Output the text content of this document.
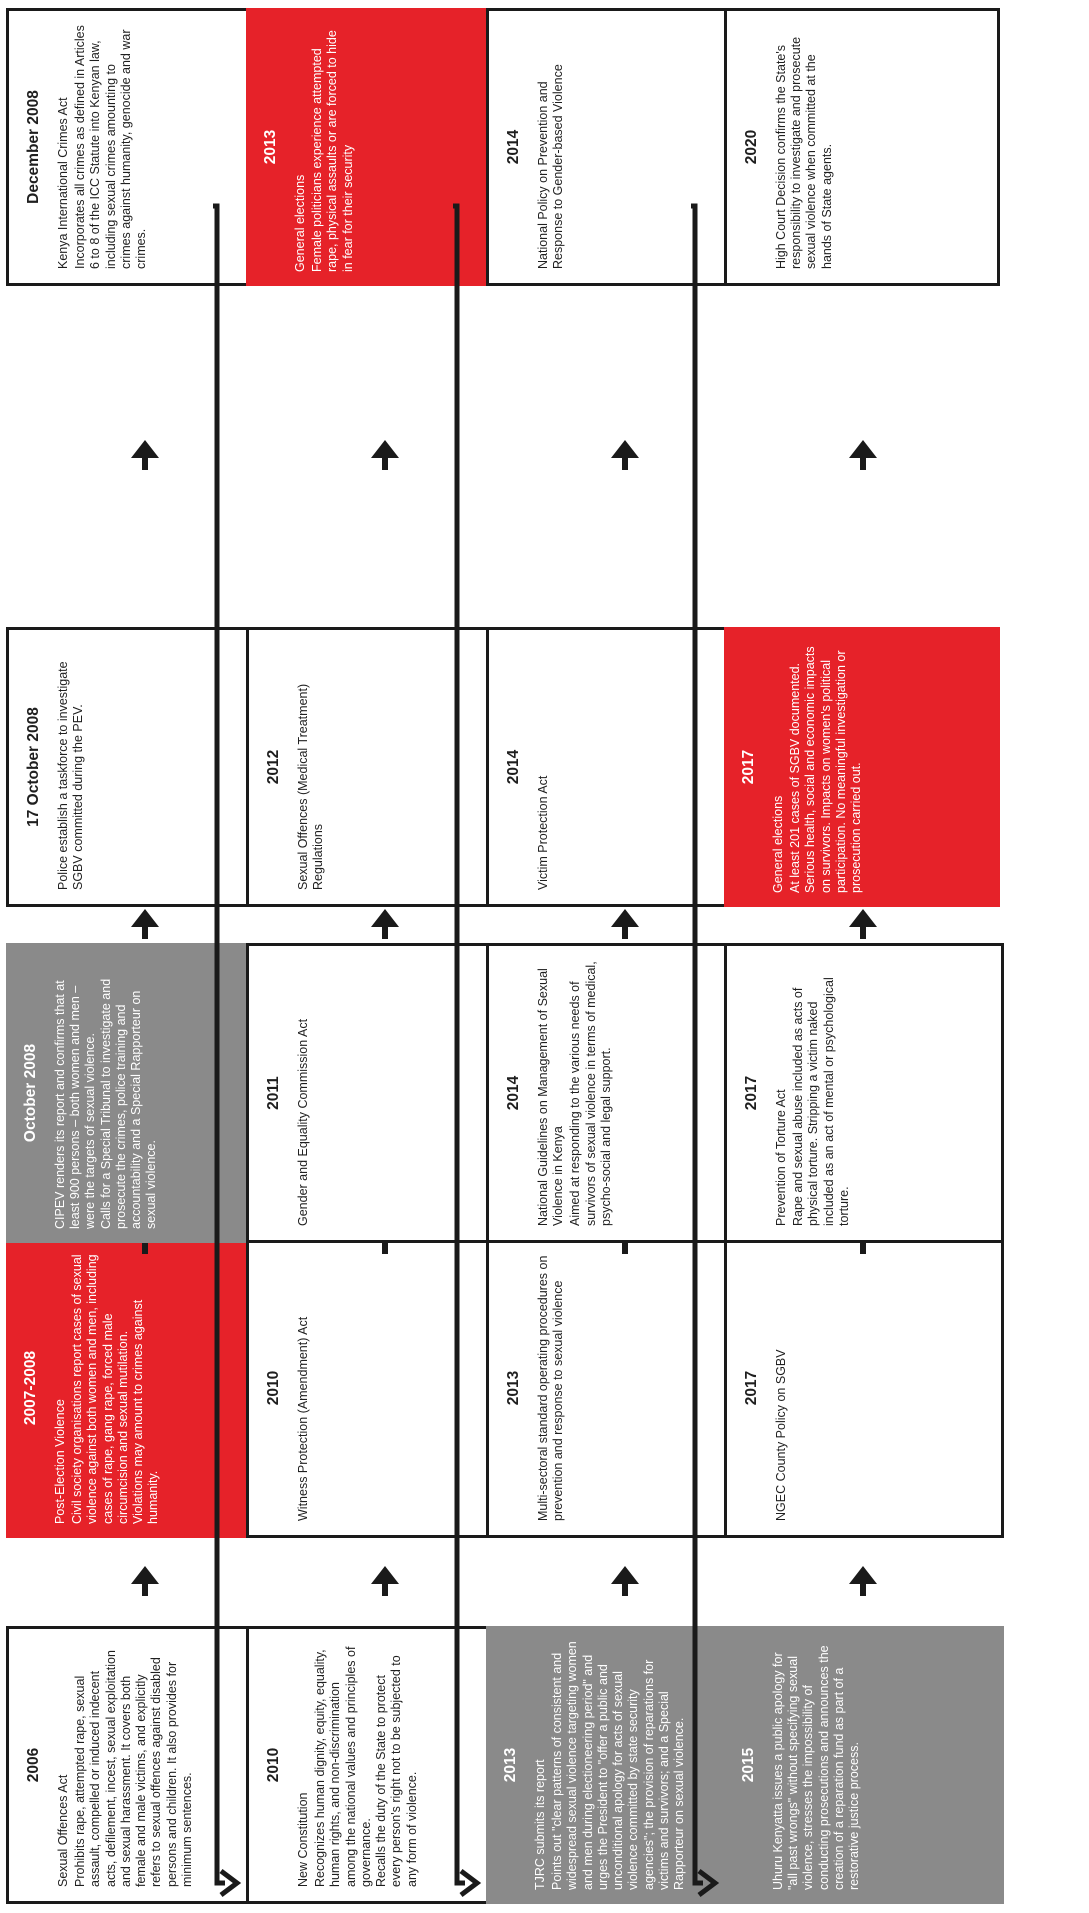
2006
Sexual Offences Act Prohibits rape, attempted rape, sexual assault, compelled or induced indecent acts, defilement, incest, sexual exploitation and sexual harassment. It covers both female and male victims, and explicitly refers to sexual offences against disabled persons and children. It also provides for minimum sentences.
2007-2008
Post-Election Violence Civil society organisations report cases of sexual violence against both women and men, including cases of rape, gang rape, forced male circumcision and sexual mutilation.
Violations may amount to crimes against humanity.
October 2008
CIPEV renders its report and confirms that at least 900 persons – both women and men – were the targets of sexual violence.
Calls for a Special Tribunal to investigate and prosecute the crimes, police training and accountability and a Special Rapporteur on sexual violence.
17 October 2008 Police establish a taskforce to investigate SGBV committed during the PEV.
December 2008 Kenya International Crimes Act Incorporates all crimes as defined in Articles 6 to 8 of the ICC Statute into Kenyan law, including sexual crimes amounting to crimes against humanity, genocide and war crimes.
2010
New Constitution Recognizes human dignity, equity, equality, human rights, and non-discrimination among the national values and principles of governance.
Recalls the duty of the State to protect every person's right not to be subjected to any form of violence.
2010 Witness Protection (Amendment) Act
2011 Gender and Equality Commission Act
2012 Sexual Offences (Medical Treatment) Regulations
2013
General elections Female politicians experience attempted rape, physical assaults or are forced to hide in fear for their security
2013 TJRC submits its report Points out "clear patterns of consistent and widespread sexual violence targeting women and men during electioneering period" and urges the President to "offer a public and unconditional apology for acts of sexual violence committed by state security agencies"; the provision of reparations for victims and survivors; and a Special Rapporteur on sexual violence.
2013 Multi-sectoral standard operating procedures on prevention and response to sexual violence
2014 National Guidelines on Management of Sexual Violence in Kenya Aimed at responding to the various needs of survivors of sexual violence in terms of medical, psycho-social and legal support.
2014
Victim Protection Act
2014 National Policy on Prevention and Response to Gender-based Violence
2015 Uhuru Kenyatta issues a public apology for "all past wrongs" without specifying sexual violence, stresses the impossibility of conducting prosecutions and announces the creation of a reparation fund as part of a restorative justice process.
2017 NGEC County Policy on SGBV
2017 Prevention of Torture Act Rape and sexual abuse included as acts of physical torture. Stripping a victim naked included as an act of mental or psychological torture.
2017
General elections At least 201 cases of SGBV documented. Serious health, social and economic impacts on survivors. Impacts on women's political participation. No meaningful investigation or prosecution carried out.
2020 High Court Decision confirms the State's responsibility to investigate and prosecute sexual violence when committed at the hands of State agents.
